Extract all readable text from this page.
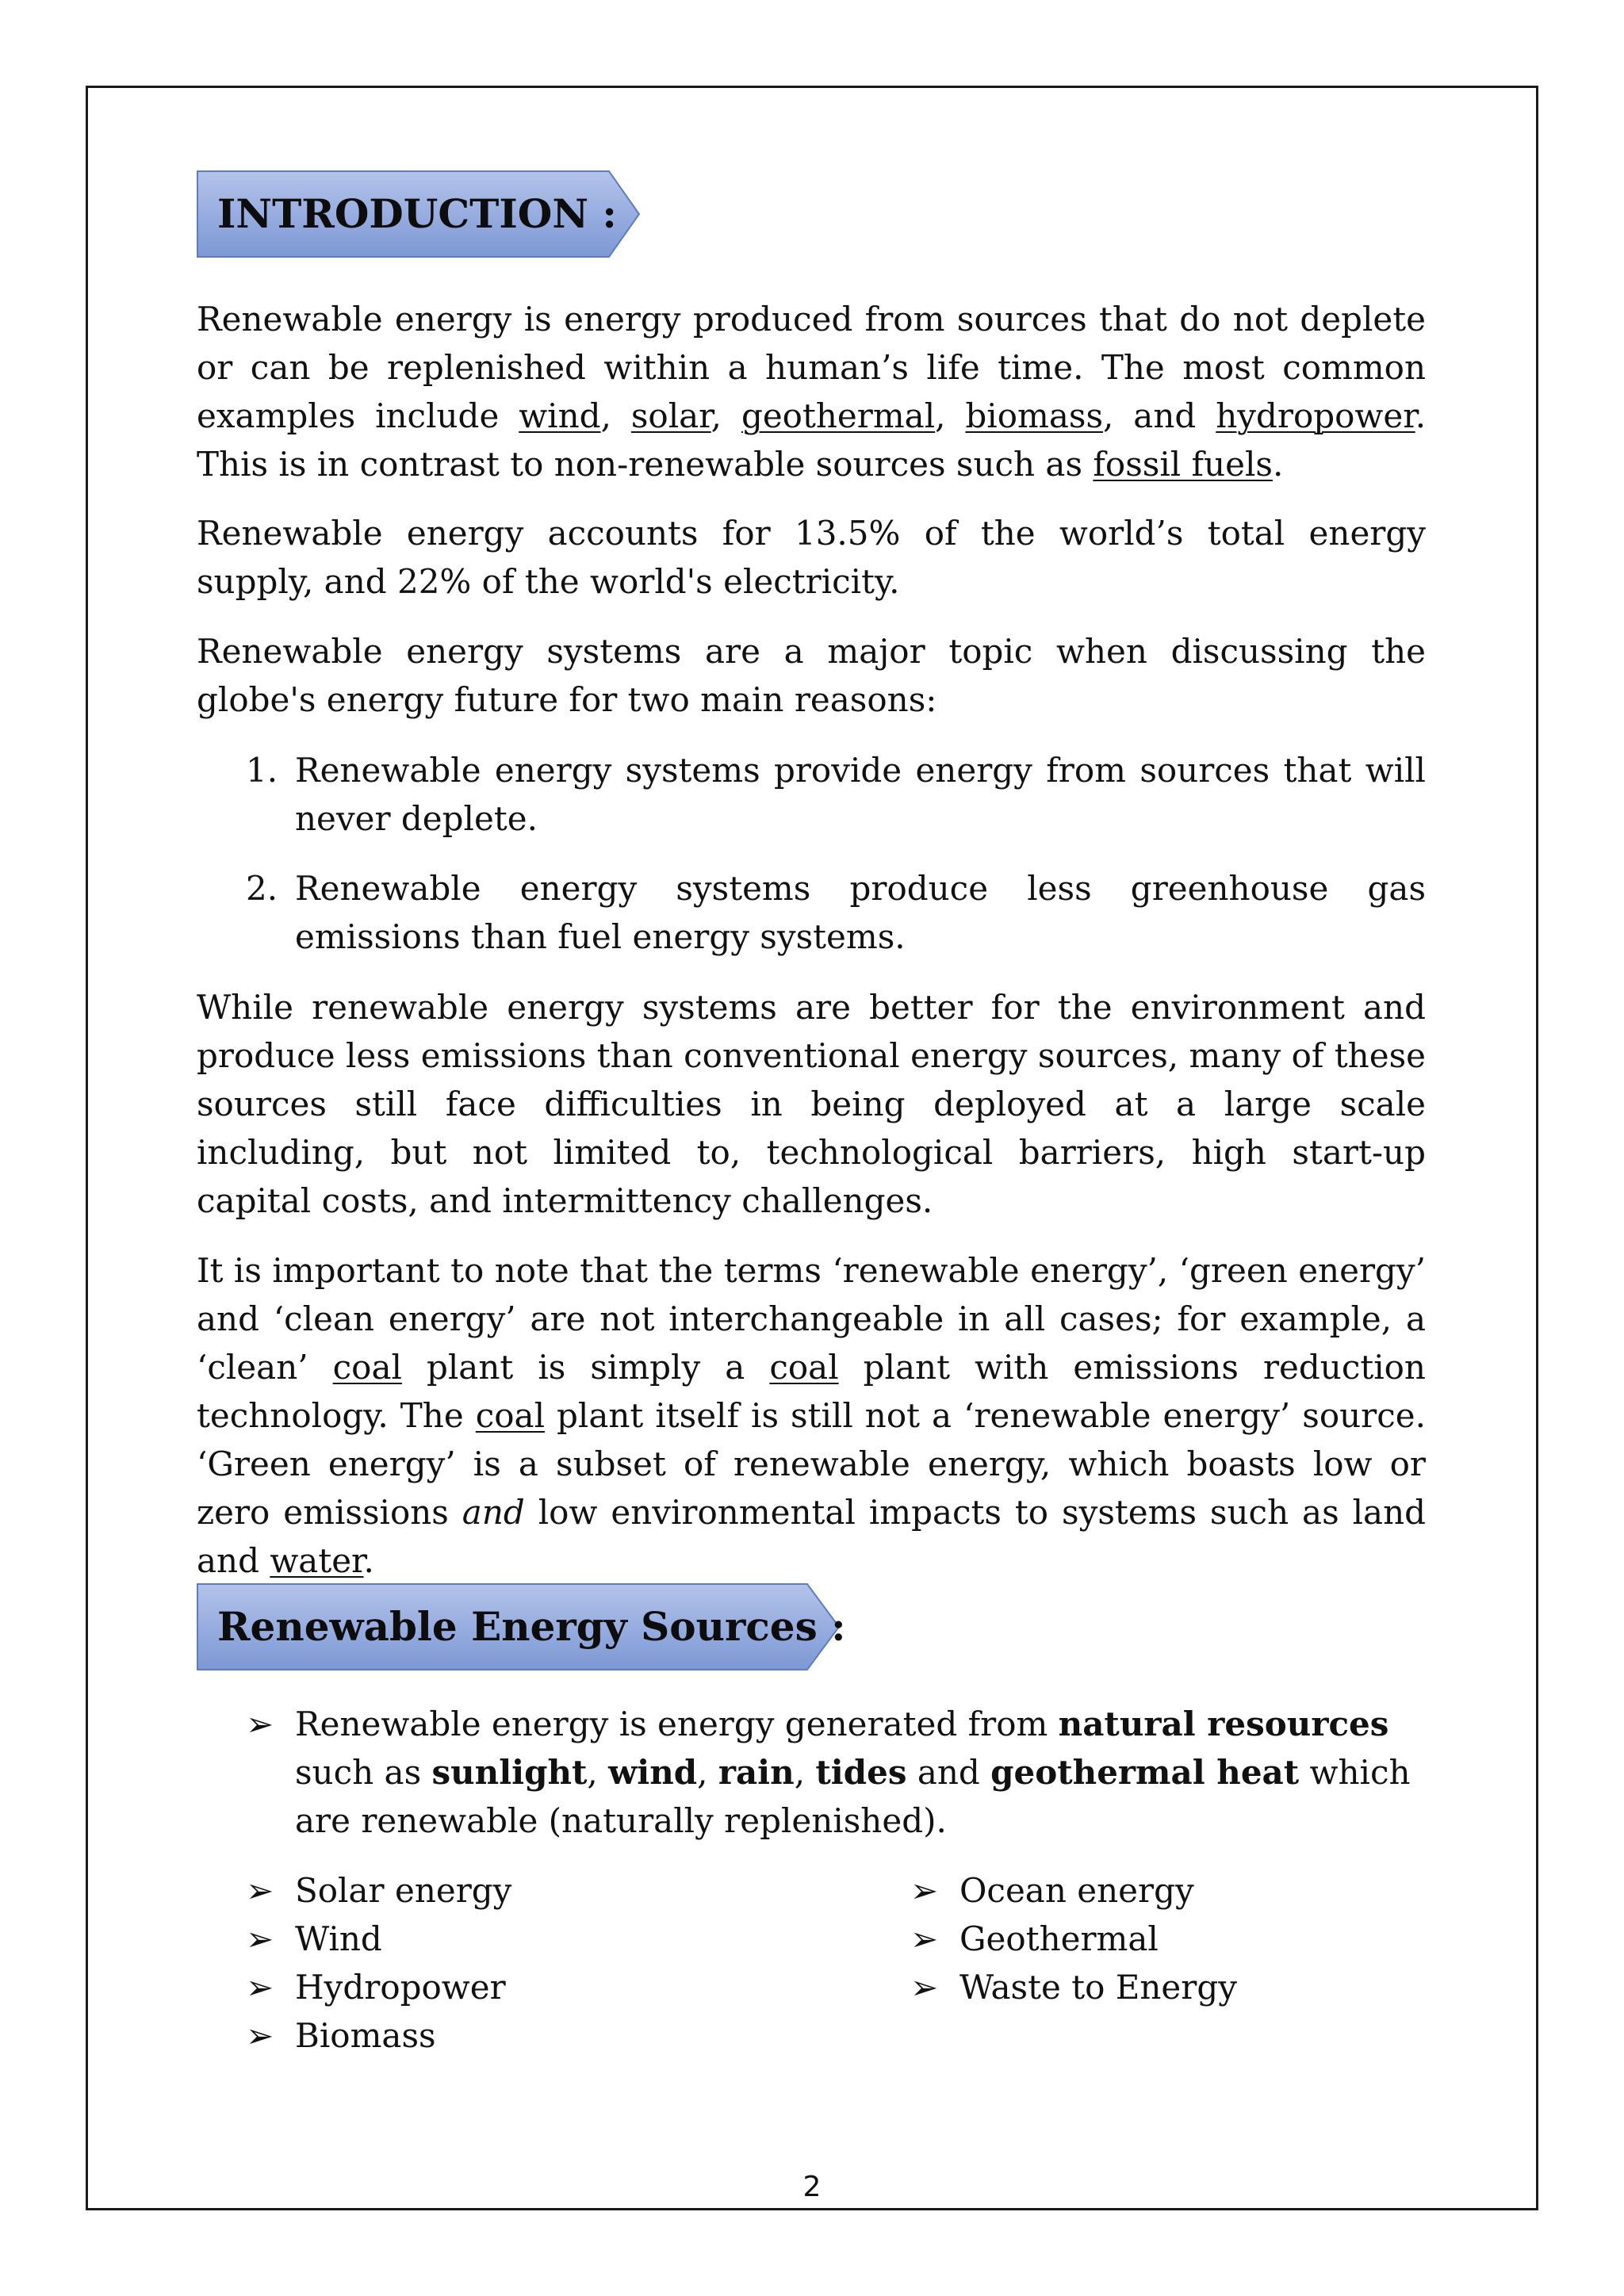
INTRODUCTION :

Renewable energy is energy produced from sources that do not deplete or can be replenished within a human’s life time. The most common examples include wind, solar, geothermal, biomass, and hydropower. This is in contrast to non-renewable sources such as fossil fuels.

Renewable energy accounts for 13.5% of the world’s total energy supply, and 22% of the world's electricity.

Renewable energy systems are a major topic when discussing the globe's energy future for two main reasons:

1. Renewable energy systems provide energy from sources that will never deplete.
2. Renewable energy systems produce less greenhouse gas emissions than fuel energy systems.

While renewable energy systems are better for the environment and produce less emissions than conventional energy sources, many of these sources still face difficulties in being deployed at a large scale including, but not limited to, technological barriers, high start-up capital costs, and intermittency challenges.

It is important to note that the terms ‘renewable energy’, ‘green energy’ and ‘clean energy’ are not interchangeable in all cases; for example, a ‘clean’ coal plant is simply a coal plant with emissions reduction technology. The coal plant itself is still not a ‘renewable energy’ source. ‘Green energy’ is a subset of renewable energy, which boasts low or zero emissions and low environmental impacts to systems such as land and water.

Renewable Energy Sources :
➢ Renewable energy is energy generated from natural resources such as sunlight, wind, rain, tides and geothermal heat which are renewable (naturally replenished).
➢ Solar energy
➢ Wind
➢ Hydropower
➢ Biomass
➢ Ocean energy
➢ Geothermal
➢ Waste to Energy
2
